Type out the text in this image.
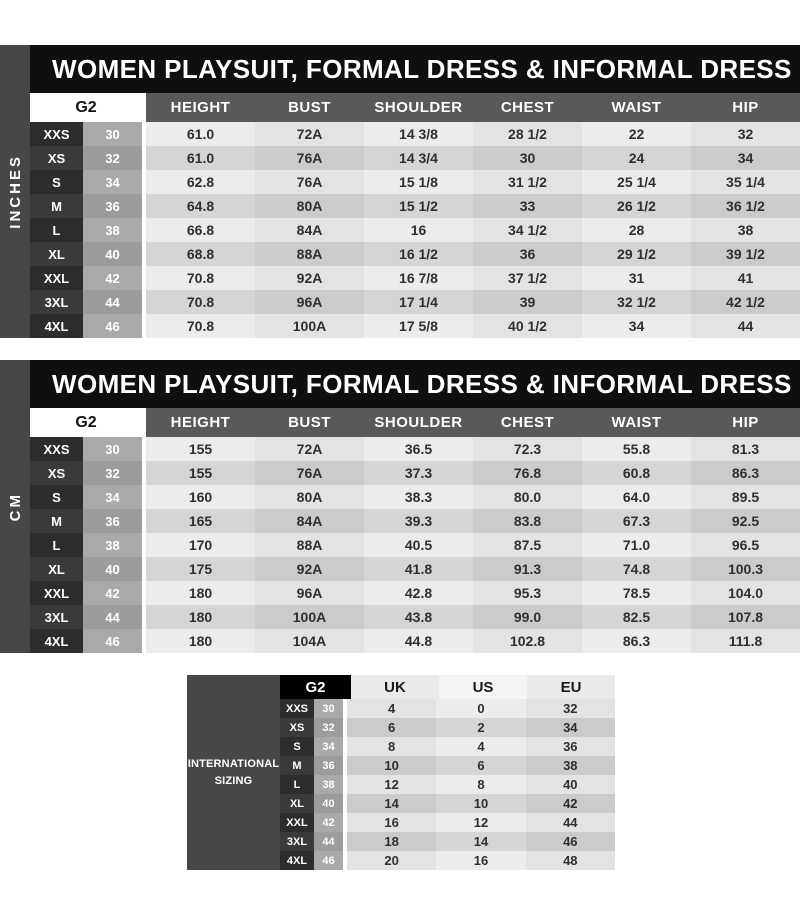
INCHES
WOMEN PLAYSUIT, FORMAL DRESS & INFORMAL DRESS
G2	HEIGHT	BUST	SHOULDER	CHEST	WAIST	HIP
XXS	30	61.0	72A	14 3/8	28 1/2	22	32
XS	32	61.0	76A	14 3/4	30	24	34
S	34	62.8	76A	15 1/8	31 1/2	25 1/4	35 1/4
M	36	64.8	80A	15 1/2	33	26 1/2	36 1/2
L	38	66.8	84A	16	34 1/2	28	38
XL	40	68.8	88A	16 1/2	36	29 1/2	39 1/2
XXL	42	70.8	92A	16 7/8	37 1/2	31	41
3XL	44	70.8	96A	17 1/4	39	32 1/2	42 1/2
4XL	46	70.8	100A	17 5/8	40 1/2	34	44
CM
WOMEN PLAYSUIT, FORMAL DRESS & INFORMAL DRESS
G2	HEIGHT	BUST	SHOULDER	CHEST	WAIST	HIP
XXS	30	155	72A	36.5	72.3	55.8	81.3
XS	32	155	76A	37.3	76.8	60.8	86.3
S	34	160	80A	38.3	80.0	64.0	89.5
M	36	165	84A	39.3	83.8	67.3	92.5
L	38	170	88A	40.5	87.5	71.0	96.5
XL	40	175	92A	41.8	91.3	74.8	100.3
XXL	42	180	96A	42.8	95.3	78.5	104.0
3XL	44	180	100A	43.8	99.0	82.5	107.8
4XL	46	180	104A	44.8	102.8	86.3	111.8
INTERNATIONAL
SIZING
G2	UK	US	EU
XXS	30	4	0	32
XS	32	6	2	34
S	34	8	4	36
M	36	10	6	38
L	38	12	8	40
XL	40	14	10	42
XXL	42	16	12	44
3XL	44	18	14	46
4XL	46	20	16	48
